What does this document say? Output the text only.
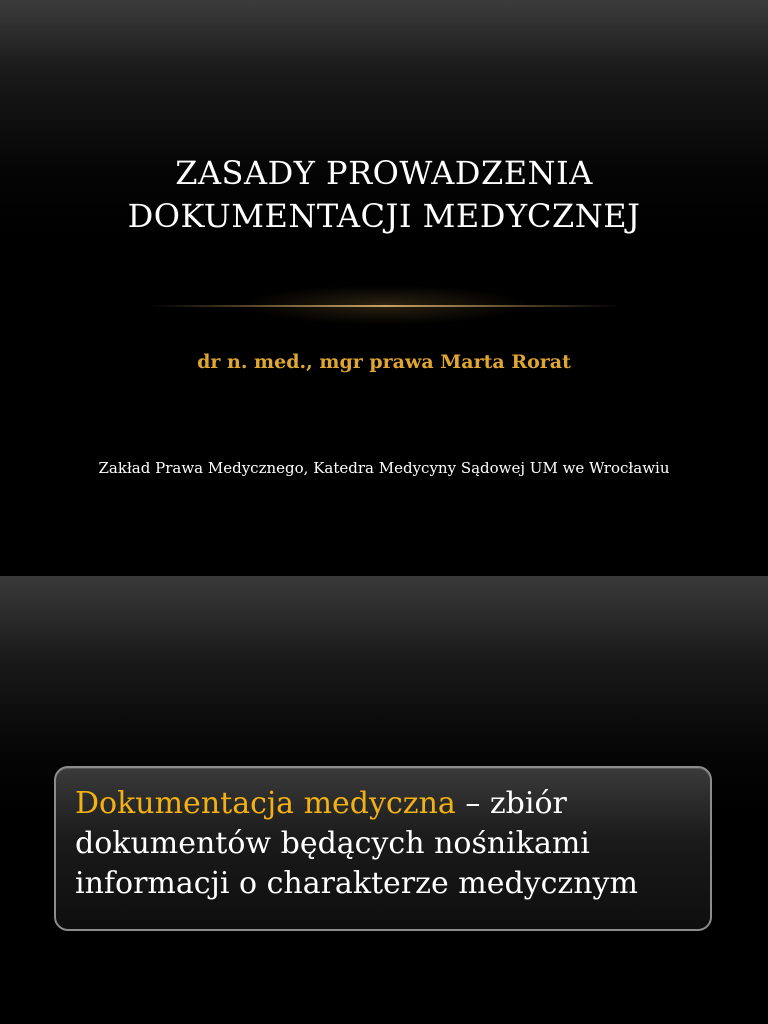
ZASADY PROWADZENIA
DOKUMENTACJI MEDYCZNEJ
dr n. med., mgr prawa Marta Rorat
Zakład Prawa Medycznego, Katedra Medycyny Sądowej UM we Wrocławiu
Dokumentacja medyczna – zbiór dokumentów będących nośnikami informacji o charakterze medycznym
